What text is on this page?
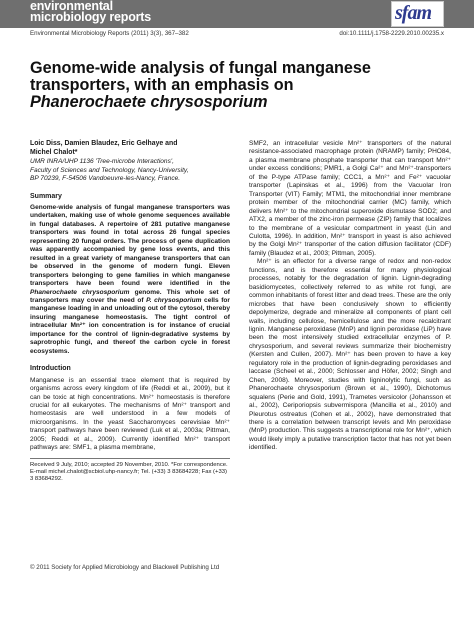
environmental
microbiology reports	sfam
Environmental Microbiology Reports (2011) 3(3), 367–382	doi:10.1111/j.1758-2229.2010.00235.x
Genome-wide analysis of fungal manganese
transporters, with an emphasis on
Phanerochaete chrysosporium
Loic Diss, Damien Blaudez, Eric Gelhaye and
Michel Chalot*
UMR INRA/UHP 1136 'Tree-microbe Interactions',
Faculty of Sciences and Technology, Nancy-University,
BP 70239, F-54506 Vandoeuvre-les-Nancy, France.
Summary
Genome-wide analysis of fungal manganese transporters was undertaken, making use of whole genome sequences available in fungal databases. A repertoire of 281 putative manganese transporters was found in total across 26 fungal species representing 20 fungal orders. The process of gene duplication was apparently accompanied by gene loss events, and this resulted in a great variety of manganese transporters that can be observed in the genome of modern fungi. Eleven transporters belonging to gene families in which manganese transporters have been found were identified in the Phanerochaete chrysosporium genome. This whole set of transporters may cover the need of P. chrysosporium cells for manganese loading in and unloading out of the cytosol, thereby insuring manganese homeostasis. The tight control of intracellular Mn²⁺ ion concentration is for instance of crucial importance for the control of lignin-degradative systems by saprotrophic fungi, and thereof the carbon cycle in forest ecosystems.
Introduction
Manganese is an essential trace element that is required by organisms across every kingdom of life (Reddi et al., 2009), but it can be toxic at high concentrations. Mn²⁺ homeostasis is therefore crucial for all eukaryotes. The mechanisms of Mn²⁺ transport and homeostasis are well understood in a few models of microorganisms. In the yeast Saccharomyces cerevisiae Mn²⁺ transport pathways have been reviewed (Luk et al., 2003a; Pittman, 2005; Reddi et al., 2009). Currently identified Mn²⁺ transport pathways are: SMF1, a plasma membrane,
Received 9 July, 2010; accepted 29 November, 2010. *For correspondence. E-mail michel.chalot@scbiol.uhp-nancy.fr; Tel. (+33) 3 83684228; Fax (+33) 3 83684292.
SMF2, an intracellular vesicle Mn²⁺ transporters of the natural resistance-associated macrophage protein (NRAMP) family; PHO84, a plasma membrane phosphate transporter that can transport Mn²⁺ under excess conditions; PMR1, a Golgi Ca²⁺ and Mn²⁺-transporters of the P-type ATPase family; CCC1, a Mn²⁺ and Fe²⁺ vacuolar transporter (Lapinskas et al., 1996) from the Vacuolar Iron Transporter (VIT) Family; MTM1, the mitochondrial inner membrane protein member of the mitochondrial carrier (MC) family, which delivers Mn²⁺ to the mitochondrial superoxide dismutase SOD2; and ATX2, a member of the zinc-iron permease (ZIP) family that localizes to the membrane of a vesicular compartment in yeast (Lin and Culotta, 1996). In addition, Mn²⁺ transport in yeast is also achieved by the Golgi Mn²⁺ transporter of the cation diffusion facilitator (CDF) family (Blaudez et al., 2003; Pittman, 2005).
Mn²⁺ is an effector for a diverse range of redox and non-redox functions, and is therefore essential for many physiological processes, notably for the degradation of lignin. Lignin-degrading basidiomycetes, collectively referred to as white rot fungi, are common inhabitants of forest litter and dead trees. These are the only microbes that have been conclusively shown to efficiently depolymerize, degrade and mineralize all components of plant cell walls, including cellulose, hemicellulose and the more recalcitrant lignin. Manganese peroxidase (MnP) and lignin peroxidase (LiP) have been the most intensively studied extracellular enzymes of P. chrysosporium, and several reviews summarize their biochemistry (Kersten and Cullen, 2007). Mn²⁺ has been proven to have a key regulatory role in the production of lignin-degrading peroxidases and laccase (Scheel et al., 2000; Schlosser and Höfer, 2002; Singh and Chen, 2008). Moreover, studies with ligninolytic fungi, such as Phanerochaete chrysosporium (Brown et al., 1990), Dichotomus squalens (Perie and Gold, 1991), Trametes versicolor (Johansson et al., 2002), Ceriporiopsis subvermispora (Mancilla et al., 2010) and Pleurotus ostreatus (Cohen et al., 2002), have demonstrated that there is a correlation between transcript levels and Mn peroxidase (MnP) production. This suggests a transcriptional role for Mn²⁺, which would likely imply a putative transcription factor that has not yet been identified.
© 2011 Society for Applied Microbiology and Blackwell Publishing Ltd
